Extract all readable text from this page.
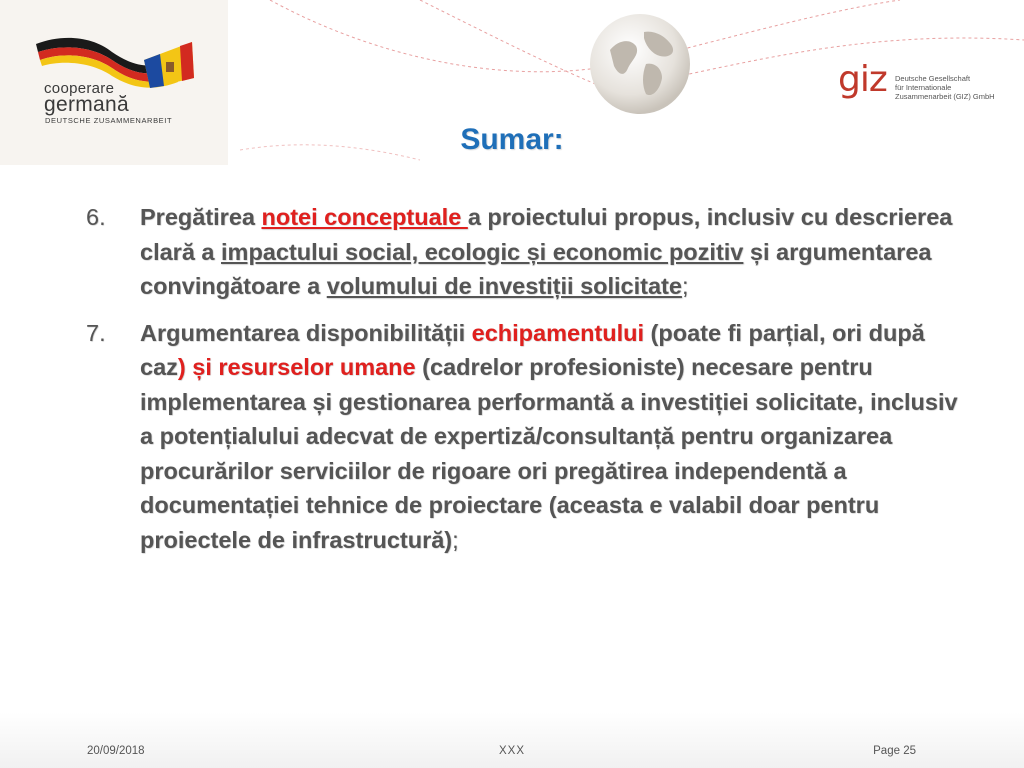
cooperare
germană
DEUTSCHE ZUSAMMENARBEIT
giz Deutsche Gesellschaft
für Internationale
Zusammenarbeit (GIZ) GmbH
Sumar:
6. Pregătirea notei conceptuale a proiectului propus, inclusiv cu descrierea clară a impactului social, ecologic și economic pozitiv și argumentarea convingătoare a volumului de investiții solicitate;
7. Argumentarea disponibilității echipamentului (poate fi parțial, ori după caz) și resurselor umane (cadrelor profesioniste) necesare pentru implementarea și gestionarea performantă a investiției solicitate, inclusiv a potențialului adecvat de expertiză/consultanță pentru organizarea procurărilor serviciilor de rigoare ori pregătirea independentă a documentației tehnice de proiectare (aceasta e valabil doar pentru proiectele de infrastructură);
20/09/2018	XXX	Page 25
